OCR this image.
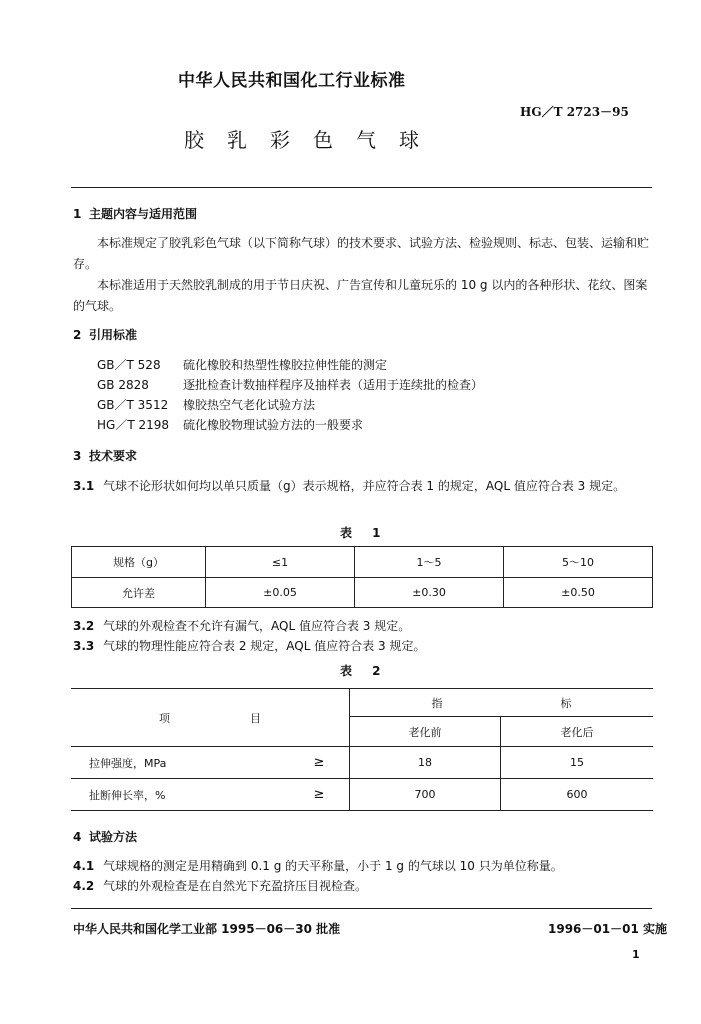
中华人民共和国化工行业标准
HG／T 2723－95
胶乳彩色气球
1 主题内容与适用范围
本标准规定了胶乳彩色气球（以下简称气球）的技术要求、试验方法、检验规则、标志、包装、运输和贮存。
本标准适用于天然胶乳制成的用于节日庆祝、广告宣传和儿童玩乐的 10 g 以内的各种形状、花纹、图案的气球。
2 引用标准
GB／T 528 硫化橡胶和热塑性橡胶拉伸性能的测定
GB 2828	逐批检查计数抽样程序及抽样表（适用于连续批的检查）
GB／T 3512 橡胶热空气老化试验方法
HG／T 2198 硫化橡胶物理试验方法的一般要求
3 技术要求
3.1 气球不论形状如何均以单只质量（g）表示规格，并应符合表 1 的规定，AQL 值应符合表 3 规定。
表 1
规格（g）	≤1	1～5	5～10
允许差	±0.05	±0.30	±0.50
3.2 气球的外观检查不允许有漏气，AQL 值应符合表 3 规定。
3.3 气球的物理性能应符合表 2 规定，AQL 值应符合表 3 规定。
表 2
项 目		指 标	
		老化前	老化后
拉伸强度，MPa	≥	18	15
扯断伸长率，%	≥	700	600
4 试验方法
4.1 气球规格的测定是用精确到 0.1 g 的天平称量，小于 1 g 的气球以 10 只为单位称量。
4.2 气球的外观检查是在自然光下充盈挤压目视检查。
中华人民共和国化学工业部 1995－06－30 批准	1996－01－01 实施
1
